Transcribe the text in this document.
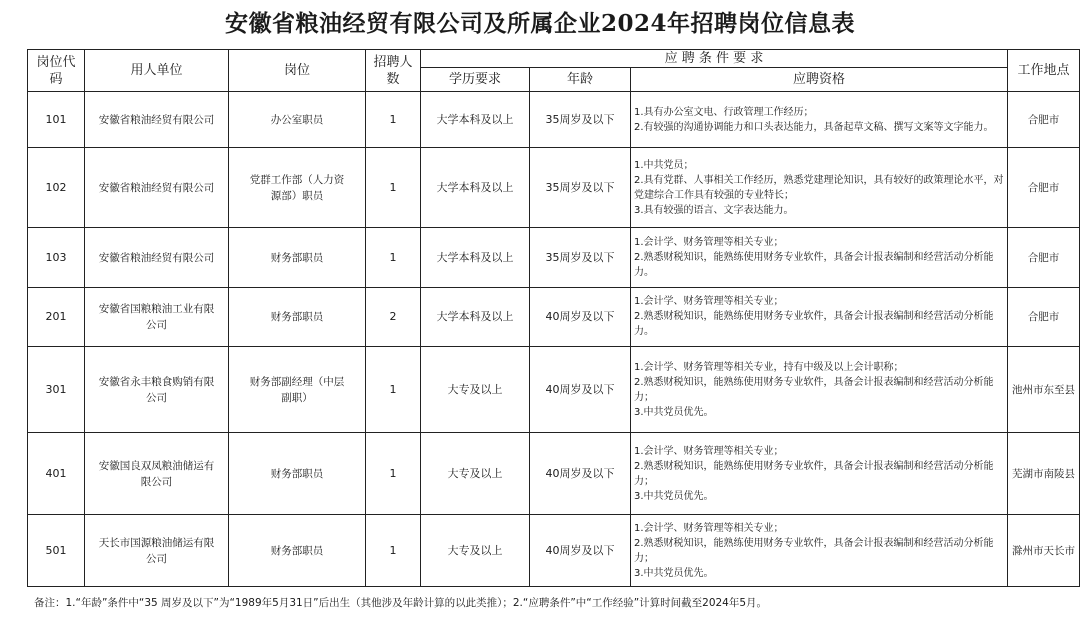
安徽省粮油经贸有限公司及所属企业2024年招聘岗位信息表
岗位代码	用人单位	岗位	招聘人数	应 聘 条 件 要 求			工作地点
				学历要求	年龄	应聘资格	
101	安徽省粮油经贸有限公司	办公室职员	1	大学本科及以上	35周岁及以下	1.具有办公室文电、行政管理工作经历；
2.有较强的沟通协调能力和口头表达能力，具备起草文稿、撰写文案等文字能力。	合肥市
102	安徽省粮油经贸有限公司	党群工作部（人力资源部）职员	1	大学本科及以上	35周岁及以下	1.中共党员；
2.具有党群、人事相关工作经历，熟悉党建理论知识，具有较好的政策理论水平，对党建综合工作具有较强的专业特长；
3.具有较强的语言、文字表达能力。	合肥市
103	安徽省粮油经贸有限公司	财务部职员	1	大学本科及以上	35周岁及以下	1.会计学、财务管理等相关专业；
2.熟悉财税知识，能熟练使用财务专业软件，具备会计报表编制和经营活动分析能力。	合肥市
201	安徽省国粮粮油工业有限公司	财务部职员	2	大学本科及以上	40周岁及以下	1.会计学、财务管理等相关专业；
2.熟悉财税知识，能熟练使用财务专业软件，具备会计报表编制和经营活动分析能力。	合肥市
301	安徽省永丰粮食购销有限公司	财务部副经理（中层副职）	1	大专及以上	40周岁及以下	1.会计学、财务管理等相关专业，持有中级及以上会计职称；
2.熟悉财税知识，能熟练使用财务专业软件，具备会计报表编制和经营活动分析能力；
3.中共党员优先。	池州市东至县
401	安徽国良双凤粮油储运有限公司	财务部职员	1	大专及以上	40周岁及以下	1.会计学、财务管理等相关专业；
2.熟悉财税知识，能熟练使用财务专业软件，具备会计报表编制和经营活动分析能力；
3.中共党员优先。	芜湖市南陵县
501	天长市国源粮油储运有限公司	财务部职员	1	大专及以上	40周岁及以下	1.会计学、财务管理等相关专业；
2.熟悉财税知识，能熟练使用财务专业软件，具备会计报表编制和经营活动分析能力；
3.中共党员优先。	滁州市天长市
备注：1.“年龄”条件中“35 周岁及以下”为“1989年5月31日”后出生（其他涉及年龄计算的以此类推）；2.“应聘条件”中“工作经验”计算时间截至2024年5月。
